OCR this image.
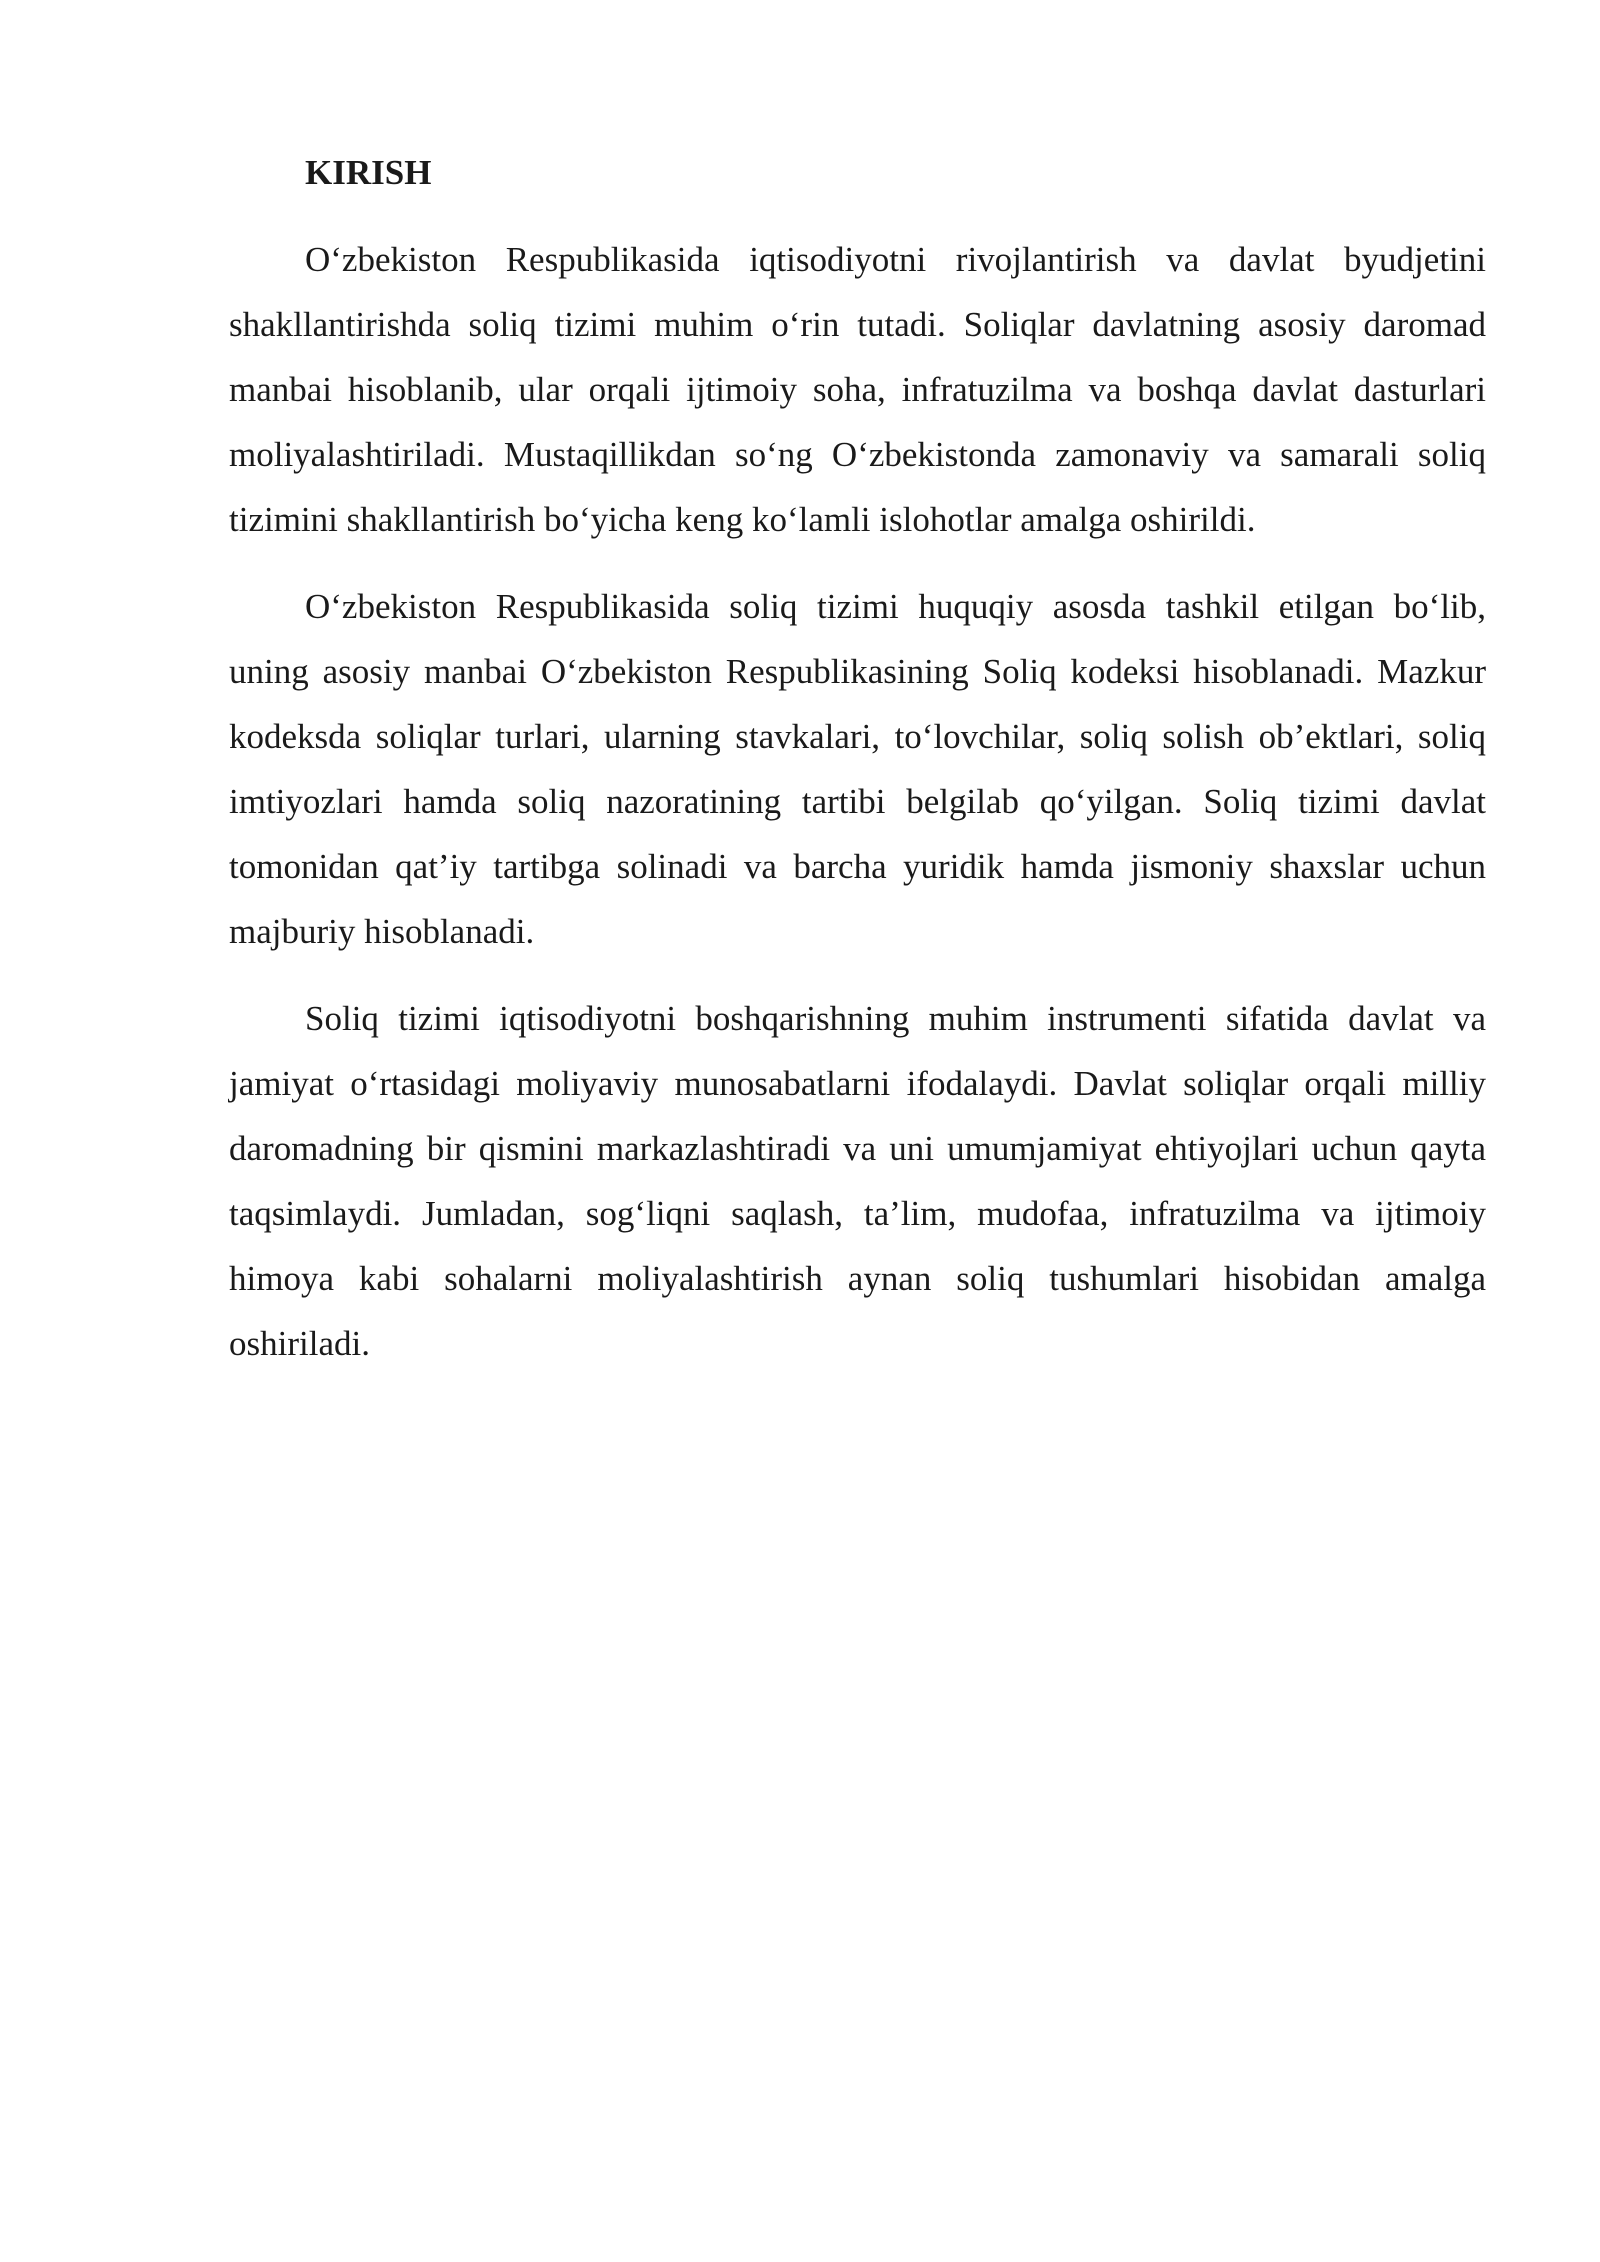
KIRISH

O‘zbekiston Respublikasida iqtisodiyotni rivojlantirish va davlat byudjetini shakllantirishda soliq tizimi muhim o‘rin tutadi. Soliqlar davlatning asosiy daromad manbai hisoblanib, ular orqali ijtimoiy soha, infratuzilma va boshqa davlat dasturlari moliyalashtiriladi. Mustaqillikdan so‘ng O‘zbekistonda zamonaviy va samarali soliq tizimini shakllantirish bo‘yicha keng ko‘lamli islohotlar amalga oshirildi.

O‘zbekiston Respublikasida soliq tizimi huquqiy asosda tashkil etilgan bo‘lib, uning asosiy manbai O‘zbekiston Respublikasining Soliq kodeksi hisoblanadi. Mazkur kodeksda soliqlar turlari, ularning stavkalari, to‘lovchilar, soliq solish ob’ektlari, soliq imtiyozlari hamda soliq nazoratining tartibi belgilab qo‘yilgan. Soliq tizimi davlat tomonidan qat’iy tartibga solinadi va barcha yuridik hamda jismoniy shaxslar uchun majburiy hisoblanadi.

Soliq tizimi iqtisodiyotni boshqarishning muhim instrumenti sifatida davlat va jamiyat o‘rtasidagi moliyaviy munosabatlarni ifodalaydi. Davlat soliqlar orqali milliy daromadning bir qismini markazlashtiradi va uni umumjamiyat ehtiyojlari uchun qayta taqsimlaydi. Jumladan, sog‘liqni saqlash, ta’lim, mudofaa, infratuzilma va ijtimoiy himoya kabi sohalarni moliyalashtirish aynan soliq tushumlari hisobidan amalga oshiriladi.
